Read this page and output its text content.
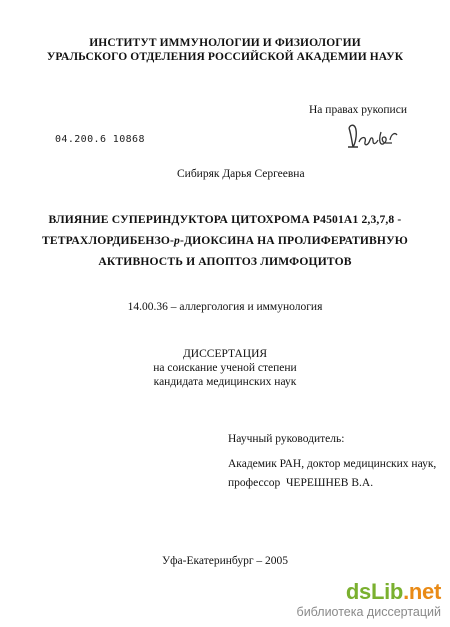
ИНСТИТУТ ИММУНОЛОГИИ И ФИЗИОЛОГИИ
УРАЛЬСКОГО ОТДЕЛЕНИЯ РОССИЙСКОЙ АКАДЕМИИ НАУК
На правах рукописи
04.200.6 10868
Сибиряк Дарья Сергеевна
ВЛИЯНИЕ СУПЕРИНДУКТОРА ЦИТОХРОМА Р4501А1 2,3,7,8 -
ТЕТРАХЛОРДИБЕНЗО-p-ДИОКСИНА НА ПРОЛИФЕРАТИВНУЮ
АКТИВНОСТЬ И АПОПТОЗ ЛИМФОЦИТОВ
14.00.36 – аллергология и иммунология
ДИССЕРТАЦИЯ
на соискание ученой степени
кандидата медицинских наук
Научный руководитель:
Академик РАН, доктор медицинских наук,
профессор  ЧЕРЕШНЕВ В.А.
Уфа-Екатеринбург – 2005
dsLib.net
библиотека диссертаций
